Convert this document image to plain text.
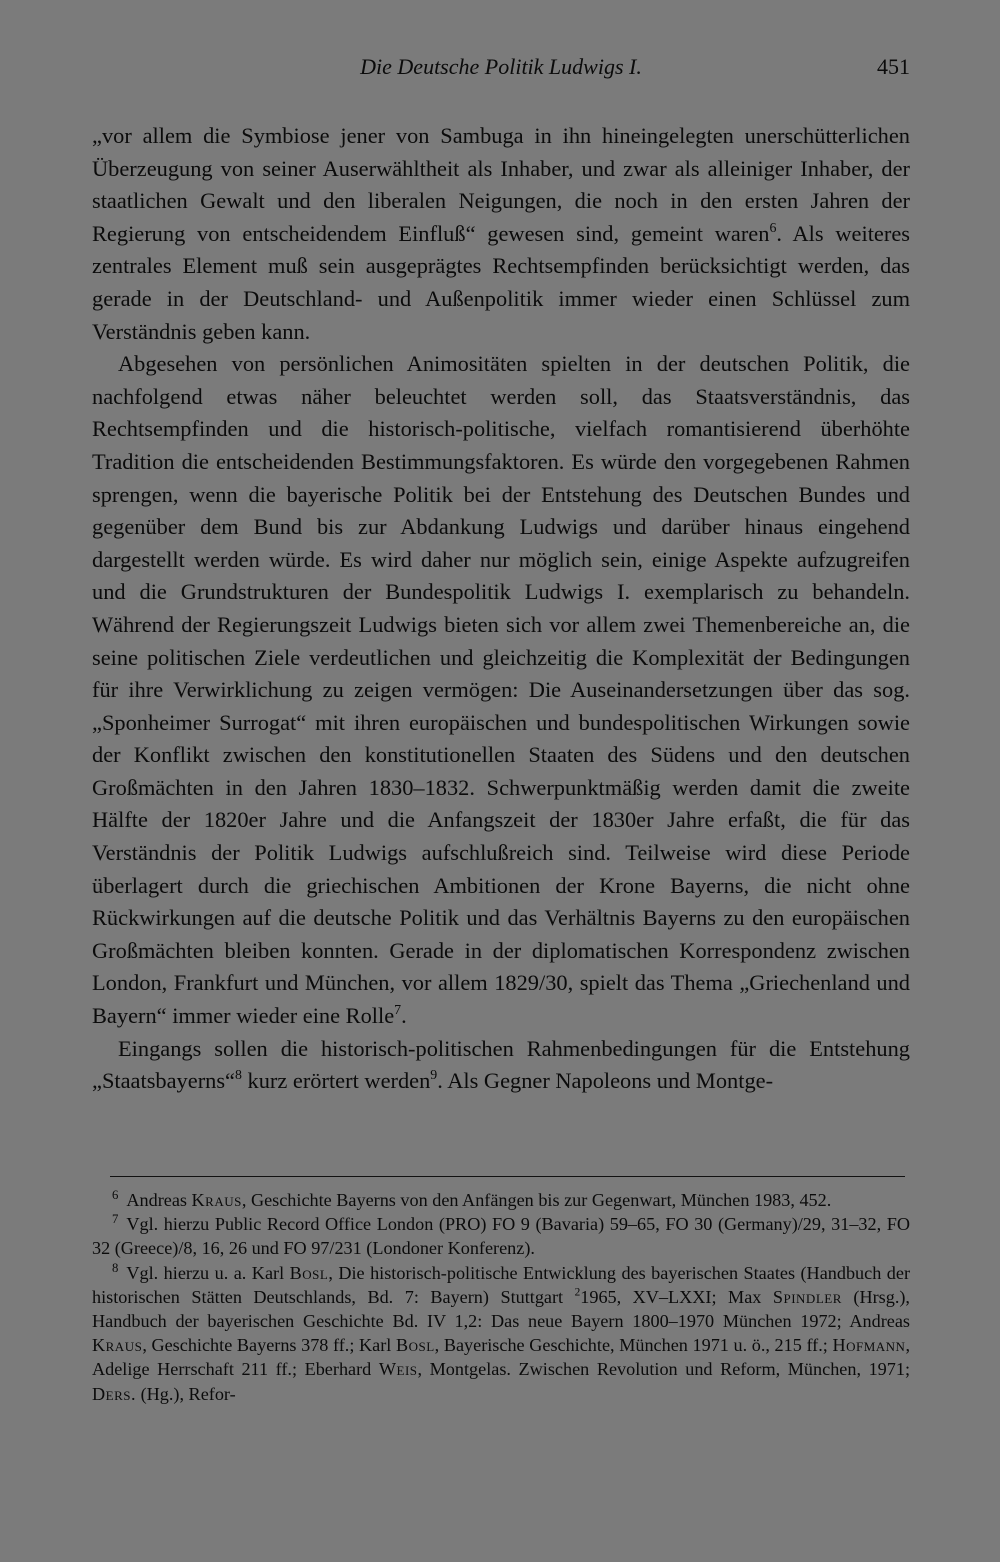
Die Deutsche Politik Ludwigs I.	451

„vor allem die Symbiose jener von Sambuga in ihn hineingelegten unerschütterlichen Überzeugung von seiner Auserwähltheit als Inhaber, und zwar als alleiniger Inhaber, der staatlichen Gewalt und den liberalen Neigungen, die noch in den ersten Jahren der Regierung von entscheidendem Einfluß“ gewesen sind, gemeint waren$^6$. Als weiteres zentrales Element muß sein ausgeprägtes Rechtsempfinden berücksichtigt werden, das gerade in der Deutschland- und Außenpolitik immer wieder einen Schlüssel zum Verständnis geben kann.

Abgesehen von persönlichen Animositäten spielten in der deutschen Politik, die nachfolgend etwas näher beleuchtet werden soll, das Staatsverständnis, das Rechtsempfinden und die historisch-politische, vielfach romantisierend überhöhte Tradition die entscheidenden Bestimmungsfaktoren. Es würde den vorgegebenen Rahmen sprengen, wenn die bayerische Politik bei der Entstehung des Deutschen Bundes und gegenüber dem Bund bis zur Abdankung Ludwigs und darüber hinaus eingehend dargestellt werden würde. Es wird daher nur möglich sein, einige Aspekte aufzugreifen und die Grundstrukturen der Bundespolitik Ludwigs I. exemplarisch zu behandeln. Während der Regierungszeit Ludwigs bieten sich vor allem zwei Themenbereiche an, die seine politischen Ziele verdeutlichen und gleichzeitig die Komplexität der Bedingungen für ihre Verwirklichung zu zeigen vermögen: Die Auseinandersetzungen über das sog. „Sponheimer Surrogat“ mit ihren europäischen und bundespolitischen Wirkungen sowie der Konflikt zwischen den konstitutionellen Staaten des Südens und den deutschen Großmächten in den Jahren 1830–1832. Schwerpunktmäßig werden damit die zweite Hälfte der 1820er Jahre und die Anfangszeit der 1830er Jahre erfaßt, die für das Verständnis der Politik Ludwigs aufschlußreich sind. Teilweise wird diese Periode überlagert durch die griechischen Ambitionen der Krone Bayerns, die nicht ohne Rückwirkungen auf die deutsche Politik und das Verhältnis Bayerns zu den europäischen Großmächten bleiben konnten. Gerade in der diplomatischen Korrespondenz zwischen London, Frankfurt und München, vor allem 1829/30, spielt das Thema „Griechenland und Bayern“ immer wieder eine Rolle$^7$.

Eingangs sollen die historisch-politischen Rahmenbedingungen für die Entstehung „Staatsbayerns“$^8$ kurz erörtert werden$^9$. Als Gegner Napoleons und Montge-

$^6$ Andreas Kraus, Geschichte Bayerns von den Anfängen bis zur Gegenwart, München 1983, 452.

$^7$ Vgl. hierzu Public Record Office London (PRO) FO 9 (Bavaria) 59–65, FO 30 (Germany)/29, 31–32, FO 32 (Greece)/8, 16, 26 und FO 97/231 (Londoner Konferenz).

$^8$ Vgl. hierzu u. a. Karl Bosl, Die historisch-politische Entwicklung des bayerischen Staates (Handbuch der historischen Stätten Deutschlands, Bd. 7: Bayern) Stuttgart $^2$1965, XV–LXXI; Max Spindler (Hrsg.), Handbuch der bayerischen Geschichte Bd. IV 1,2: Das neue Bayern 1800–1970 München 1972; Andreas Kraus, Geschichte Bayerns 378 ff.; Karl Bosl, Bayerische Geschichte, München 1971 u. ö., 215 ff.; Hofmann, Adelige Herrschaft 211 ff.; Eberhard Weis, Montgelas. Zwischen Revolution und Reform, München, 1971; Ders. (Hg.), Refor-
